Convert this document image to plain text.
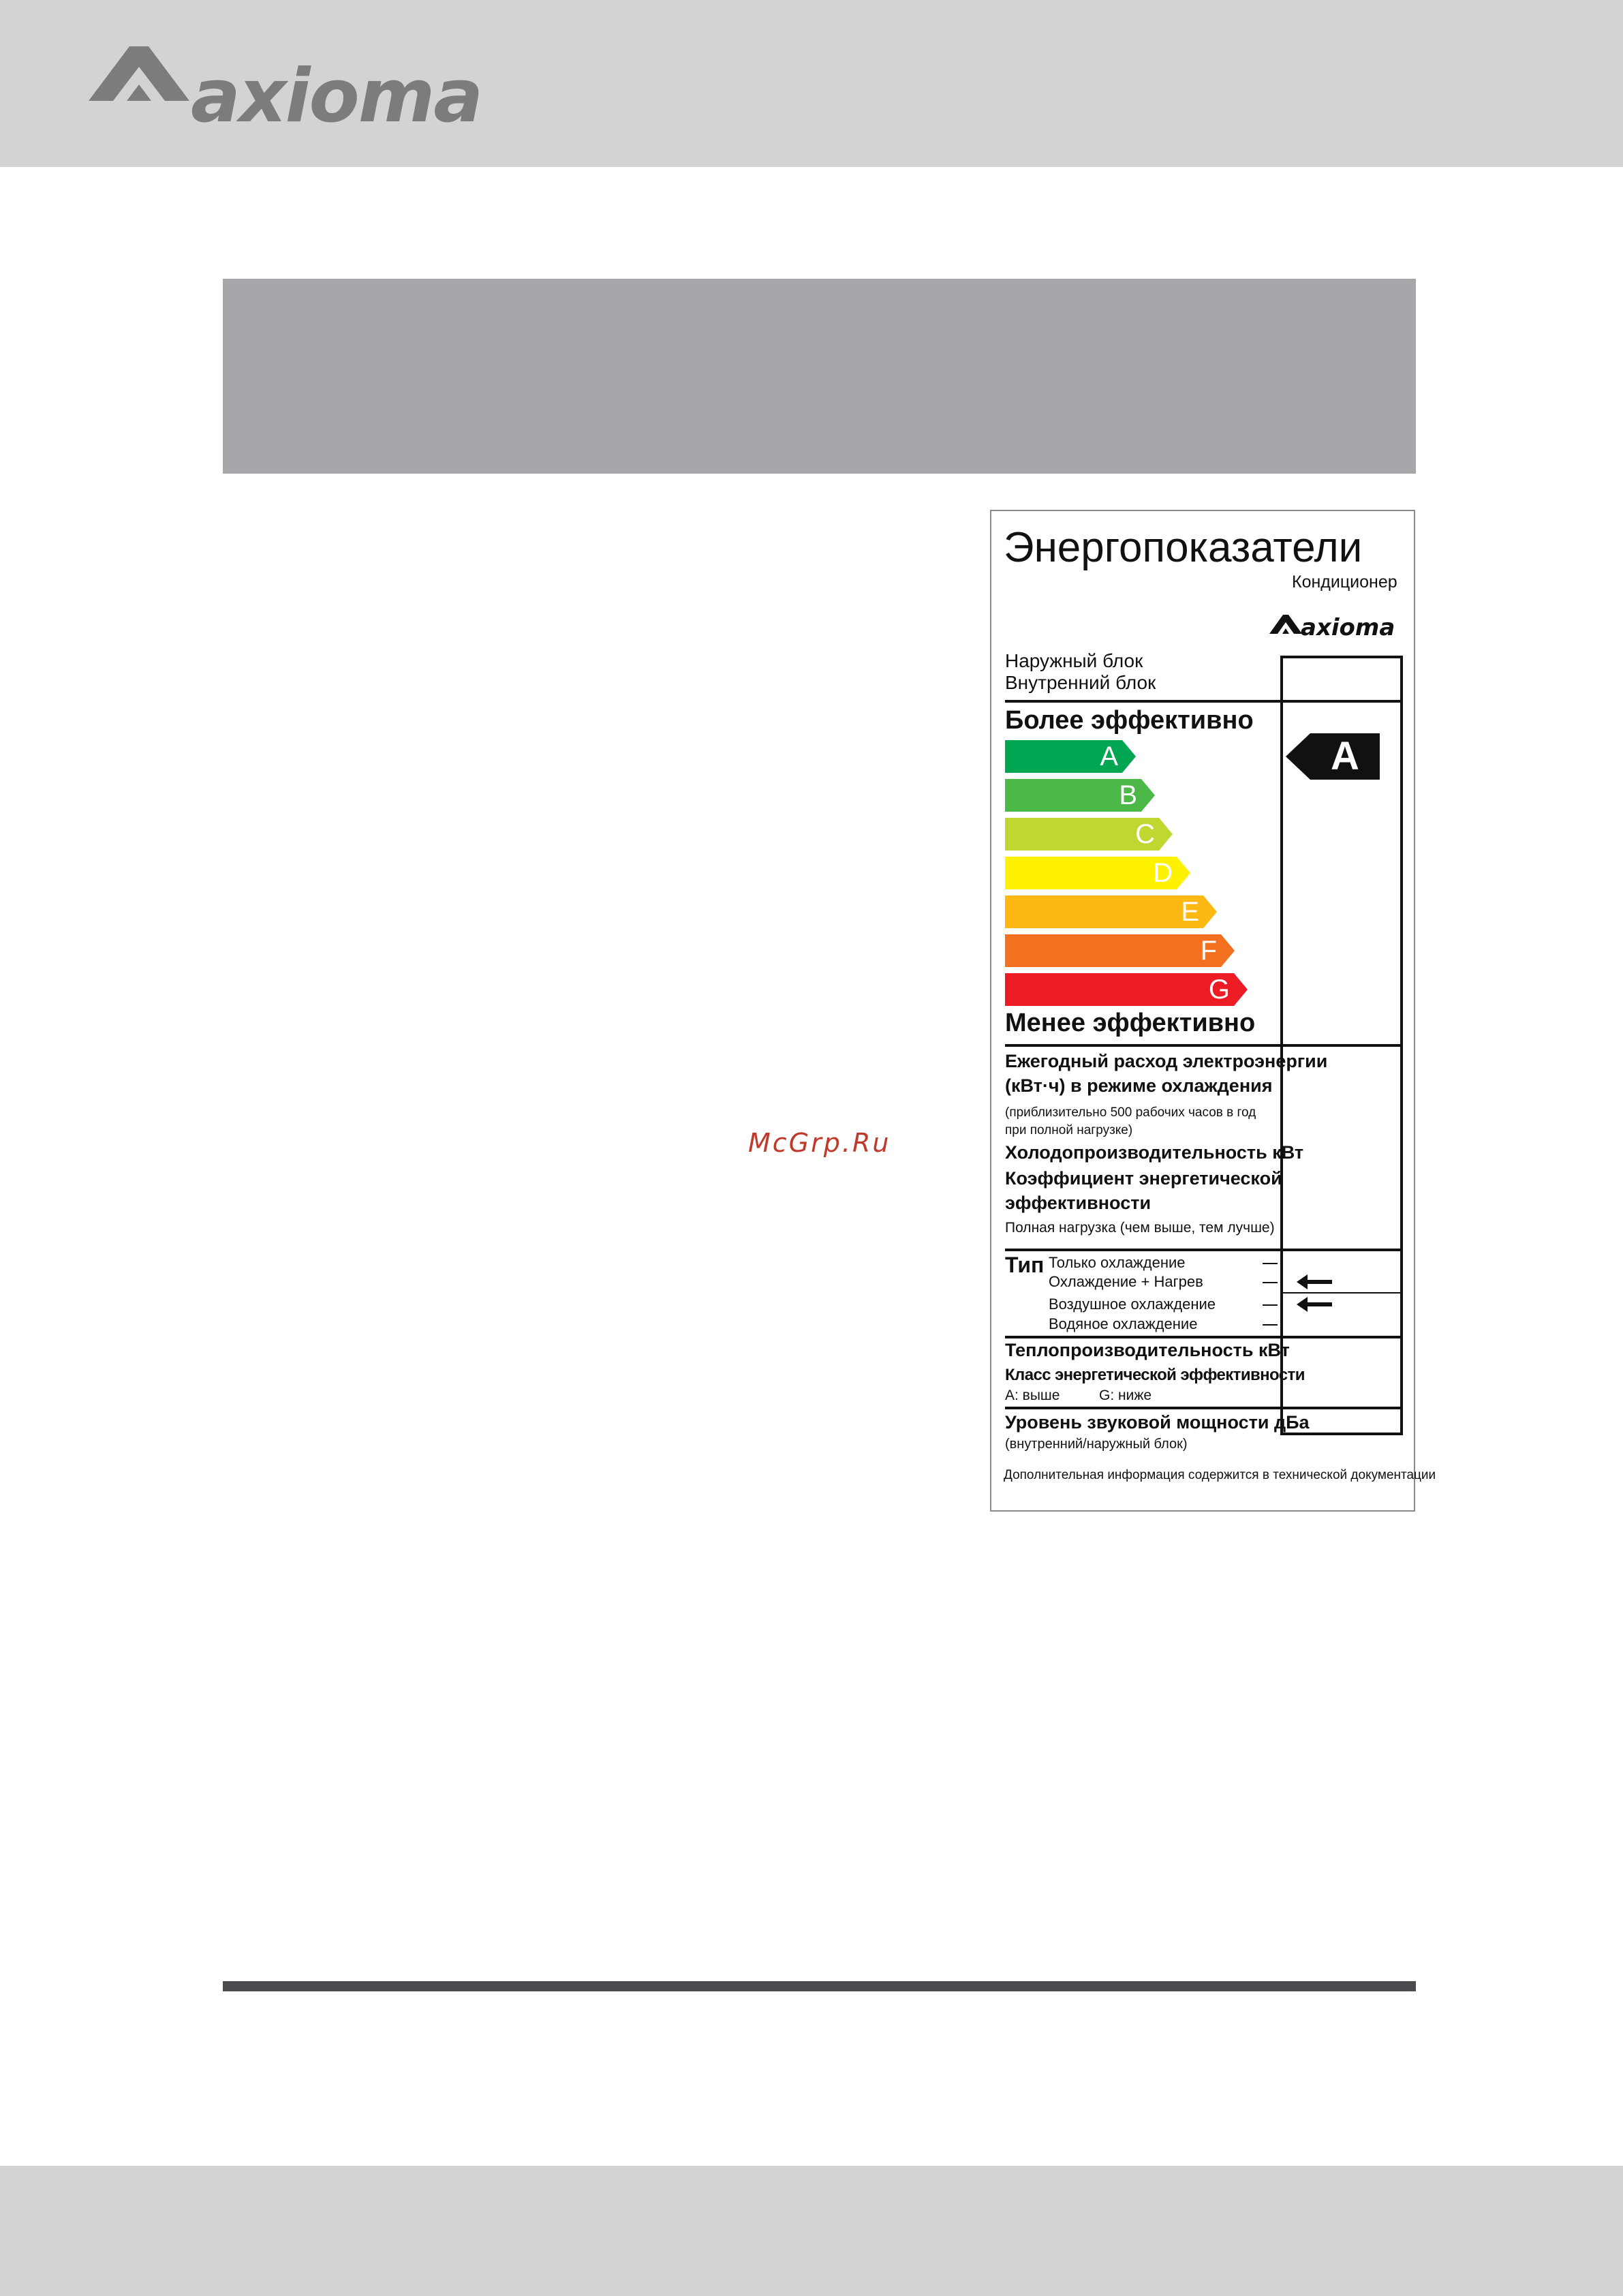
axioma
McGrp.Ru
Энергопоказатели
Кондиционер
axioma
Наружный блок
Внутренний блок
Более эффективно
A
B
C
D
E
F
G
A
Менее эффективно
Ежегодный расход электроэнергии
(кВт·ч) в режиме охлаждения
(приблизительно 500 рабочих часов в год
при полной нагрузке)
Холодопроизводительность кВт
Коэффициент энергетической
эффективности
Полная нагрузка (чем выше, тем лучше)
Тип Только охлаждение
Охлаждение + Нагрев
Воздушное охлаждение
Водяное охлаждение
Теплопроизводительность кВт
Класс энергетической эффективности
A: выше	G: ниже
Уровень звуковой мощности дБа
(внутренний/наружный блок)
Дополнительная информация содержится в технической документации
